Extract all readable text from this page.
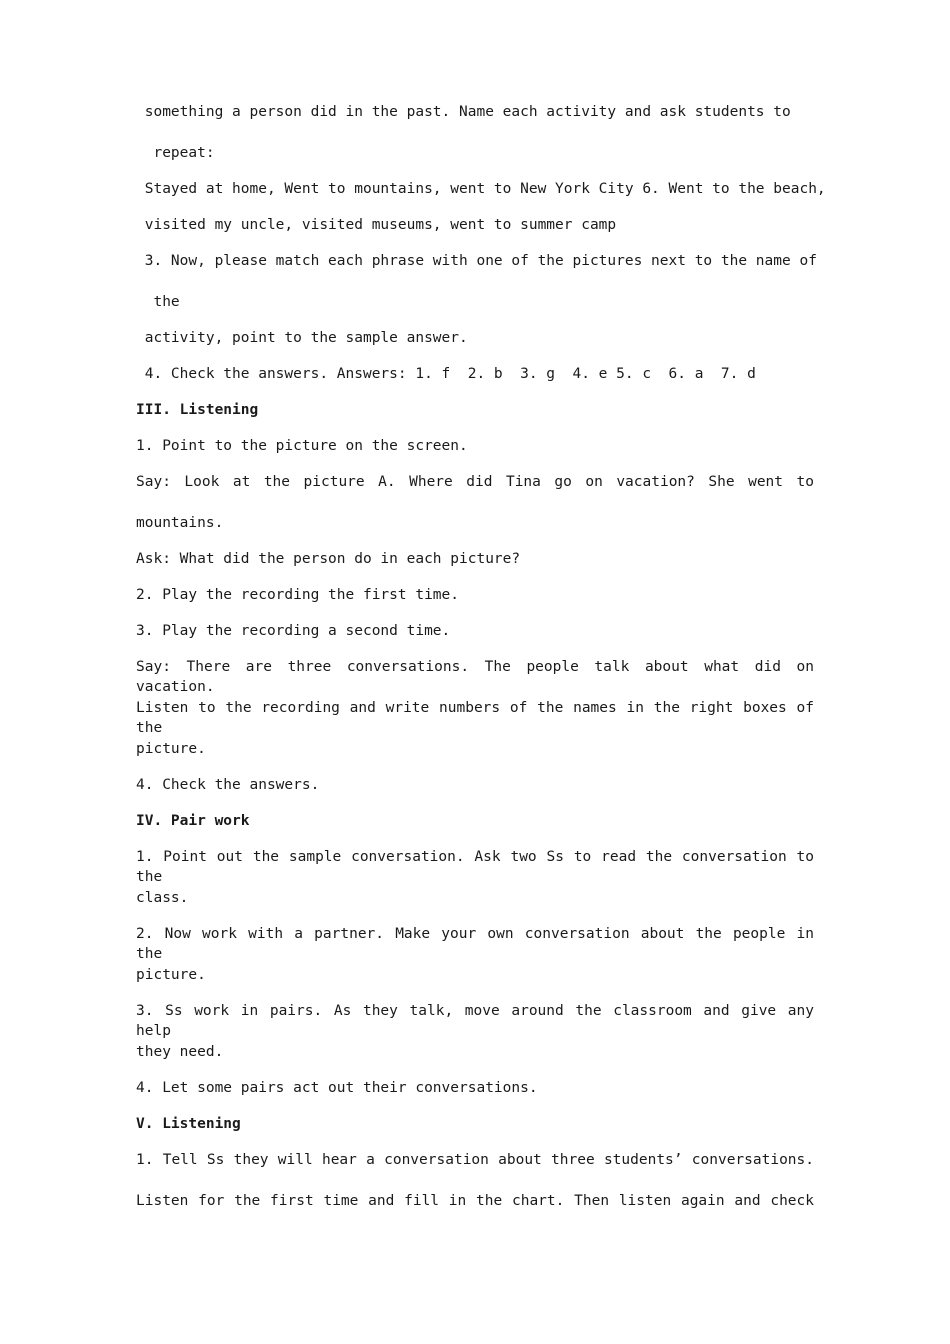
something a person did in the past. Name each activity and ask students to

repeat:

Stayed at home, Went to mountains, went to New York City 6. Went to the beach,

visited my uncle, visited museums, went to summer camp

3. Now, please match each phrase with one of the pictures next to the name of

the

activity, point to the sample answer.

4. Check the answers. Answers: 1. f  2. b  3. g  4. e 5. c  6. a  7. d

III. Listening

1. Point to the picture on the screen.

Say: Look at the picture A. Where did Tina go on vacation? She went to

mountains.

Ask: What did the person do in each picture?

2. Play the recording the first time.

3. Play the recording a second time.

Say: There are three conversations. The people talk about what did on vacation.

Listen to the recording and write numbers of the names in the right boxes of the

picture.

4. Check the answers.

IV. Pair work

1. Point out the sample conversation. Ask two Ss to read the conversation to the

class.

2. Now work with a partner. Make your own conversation about the people in the

picture.

3. Ss work in pairs. As they talk, move around the classroom and give any help

they need.

4. Let some pairs act out their conversations.

V. Listening

1. Tell Ss they will hear a conversation about three students’ conversations.

Listen for the first time and fill in the chart. Then listen again and check
